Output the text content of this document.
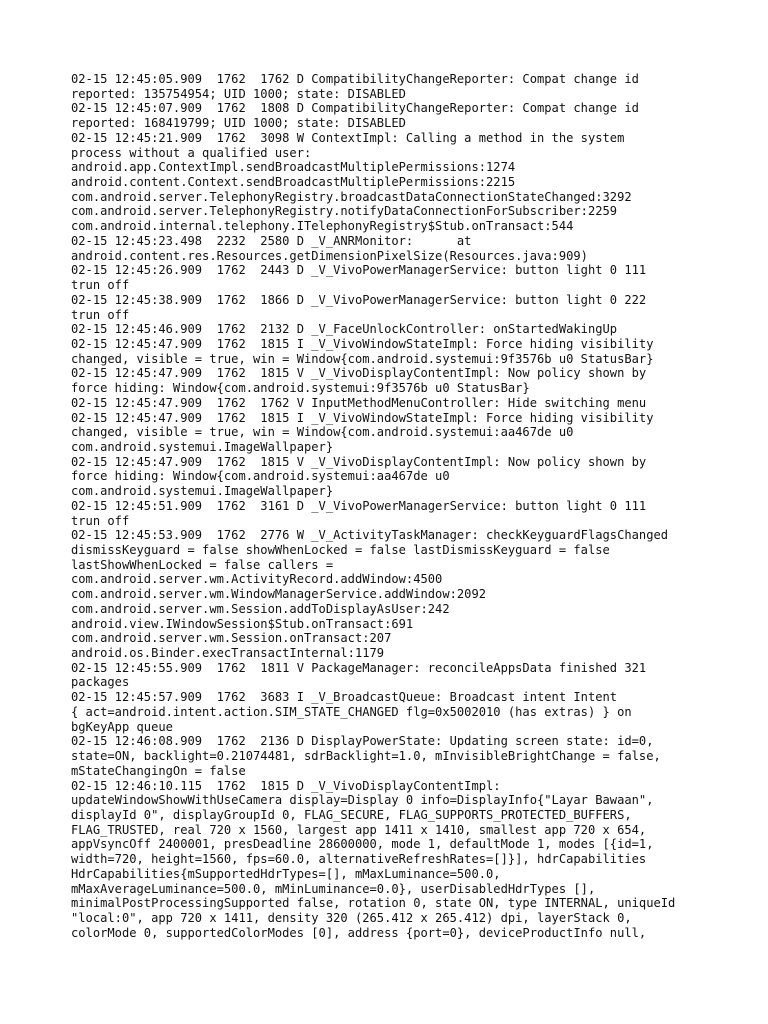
02-15 12:45:05.909  1762  1762 D CompatibilityChangeReporter: Compat change id
reported: 135754954; UID 1000; state: DISABLED
02-15 12:45:07.909  1762  1808 D CompatibilityChangeReporter: Compat change id
reported: 168419799; UID 1000; state: DISABLED
02-15 12:45:21.909  1762  3098 W ContextImpl: Calling a method in the system
process without a qualified user:
android.app.ContextImpl.sendBroadcastMultiplePermissions:1274
android.content.Context.sendBroadcastMultiplePermissions:2215
com.android.server.TelephonyRegistry.broadcastDataConnectionStateChanged:3292
com.android.server.TelephonyRegistry.notifyDataConnectionForSubscriber:2259
com.android.internal.telephony.ITelephonyRegistry$Stub.onTransact:544
02-15 12:45:23.498  2232  2580 D _V_ANRMonitor:      at
android.content.res.Resources.getDimensionPixelSize(Resources.java:909)
02-15 12:45:26.909  1762  2443 D _V_VivoPowerManagerService: button light 0 111
trun off
02-15 12:45:38.909  1762  1866 D _V_VivoPowerManagerService: button light 0 222
trun off
02-15 12:45:46.909  1762  2132 D _V_FaceUnlockController: onStartedWakingUp
02-15 12:45:47.909  1762  1815 I _V_VivoWindowStateImpl: Force hiding visibility
changed, visible = true, win = Window{com.android.systemui:9f3576b u0 StatusBar}
02-15 12:45:47.909  1762  1815 V _V_VivoDisplayContentImpl: Now policy shown by
force hiding: Window{com.android.systemui:9f3576b u0 StatusBar}
02-15 12:45:47.909  1762  1762 V InputMethodMenuController: Hide switching menu
02-15 12:45:47.909  1762  1815 I _V_VivoWindowStateImpl: Force hiding visibility
changed, visible = true, win = Window{com.android.systemui:aa467de u0
com.android.systemui.ImageWallpaper}
02-15 12:45:47.909  1762  1815 V _V_VivoDisplayContentImpl: Now policy shown by
force hiding: Window{com.android.systemui:aa467de u0
com.android.systemui.ImageWallpaper}
02-15 12:45:51.909  1762  3161 D _V_VivoPowerManagerService: button light 0 111
trun off
02-15 12:45:53.909  1762  2776 W _V_ActivityTaskManager: checkKeyguardFlagsChanged
dismissKeyguard = false showWhenLocked = false lastDismissKeyguard = false
lastShowWhenLocked = false callers =
com.android.server.wm.ActivityRecord.addWindow:4500
com.android.server.wm.WindowManagerService.addWindow:2092
com.android.server.wm.Session.addToDisplayAsUser:242
android.view.IWindowSession$Stub.onTransact:691
com.android.server.wm.Session.onTransact:207
android.os.Binder.execTransactInternal:1179
02-15 12:45:55.909  1762  1811 V PackageManager: reconcileAppsData finished 321
packages
02-15 12:45:57.909  1762  3683 I _V_BroadcastQueue: Broadcast intent Intent
{ act=android.intent.action.SIM_STATE_CHANGED flg=0x5002010 (has extras) } on
bgKeyApp queue
02-15 12:46:08.909  1762  2136 D DisplayPowerState: Updating screen state: id=0,
state=ON, backlight=0.21074481, sdrBacklight=1.0, mInvisibleBrightChange = false,
mStateChangingOn = false
02-15 12:46:10.115  1762  1815 D _V_VivoDisplayContentImpl:
updateWindowShowWithUseCamera display=Display 0 info=DisplayInfo{"Layar Bawaan",
displayId 0", displayGroupId 0, FLAG_SECURE, FLAG_SUPPORTS_PROTECTED_BUFFERS,
FLAG_TRUSTED, real 720 x 1560, largest app 1411 x 1410, smallest app 720 x 654,
appVsyncOff 2400001, presDeadline 28600000, mode 1, defaultMode 1, modes [{id=1,
width=720, height=1560, fps=60.0, alternativeRefreshRates=[]}], hdrCapabilities
HdrCapabilities{mSupportedHdrTypes=[], mMaxLuminance=500.0,
mMaxAverageLuminance=500.0, mMinLuminance=0.0}, userDisabledHdrTypes [],
minimalPostProcessingSupported false, rotation 0, state ON, type INTERNAL, uniqueId
"local:0", app 720 x 1411, density 320 (265.412 x 265.412) dpi, layerStack 0,
colorMode 0, supportedColorModes [0], address {port=0}, deviceProductInfo null,
